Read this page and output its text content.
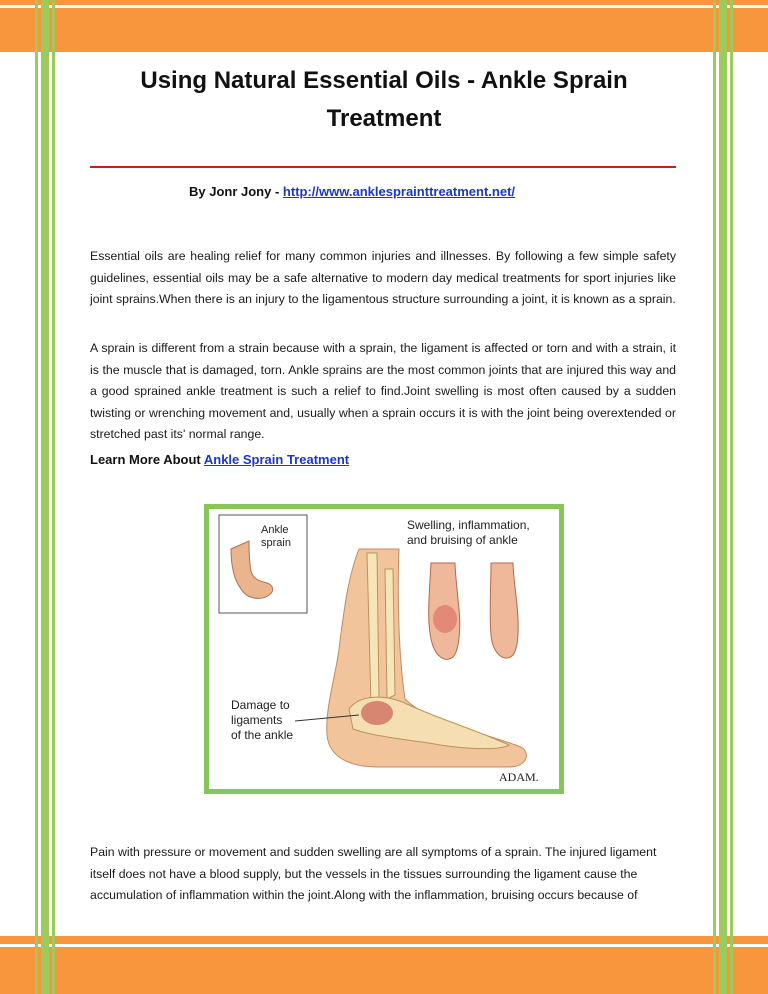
Using Natural Essential Oils - Ankle Sprain Treatment
By Jonr Jony - http://www.anklesprainttreatment.net/
Essential oils are healing relief for many common injuries and illnesses. By following a few simple safety guidelines, essential oils may be a safe alternative to modern day medical treatments for sport injuries like joint sprains.When there is an injury to the ligamentous structure surrounding a joint, it is known as a sprain.
A sprain is different from a strain because with a sprain, the ligament is affected or torn and with a strain, it is the muscle that is damaged, torn. Ankle sprains are the most common joints that are injured this way and a good sprained ankle treatment is such a relief to find.Joint swelling is most often caused by a sudden twisting or wrenching movement and, usually when a sprain occurs it is with the joint being overextended or stretched past its' normal range.
Learn More About Ankle Sprain Treatment
Ankle
sprain
Swelling, inflammation,
and bruising of ankle
Damage to
ligaments
of the ankle
ADAM.
Pain with pressure or movement and sudden swelling are all symptoms of a sprain. The injured ligament itself does not have a blood supply, but the vessels in the tissues surrounding the ligament cause the accumulation of inflammation within the joint.Along with the inflammation, bruising occurs because of
